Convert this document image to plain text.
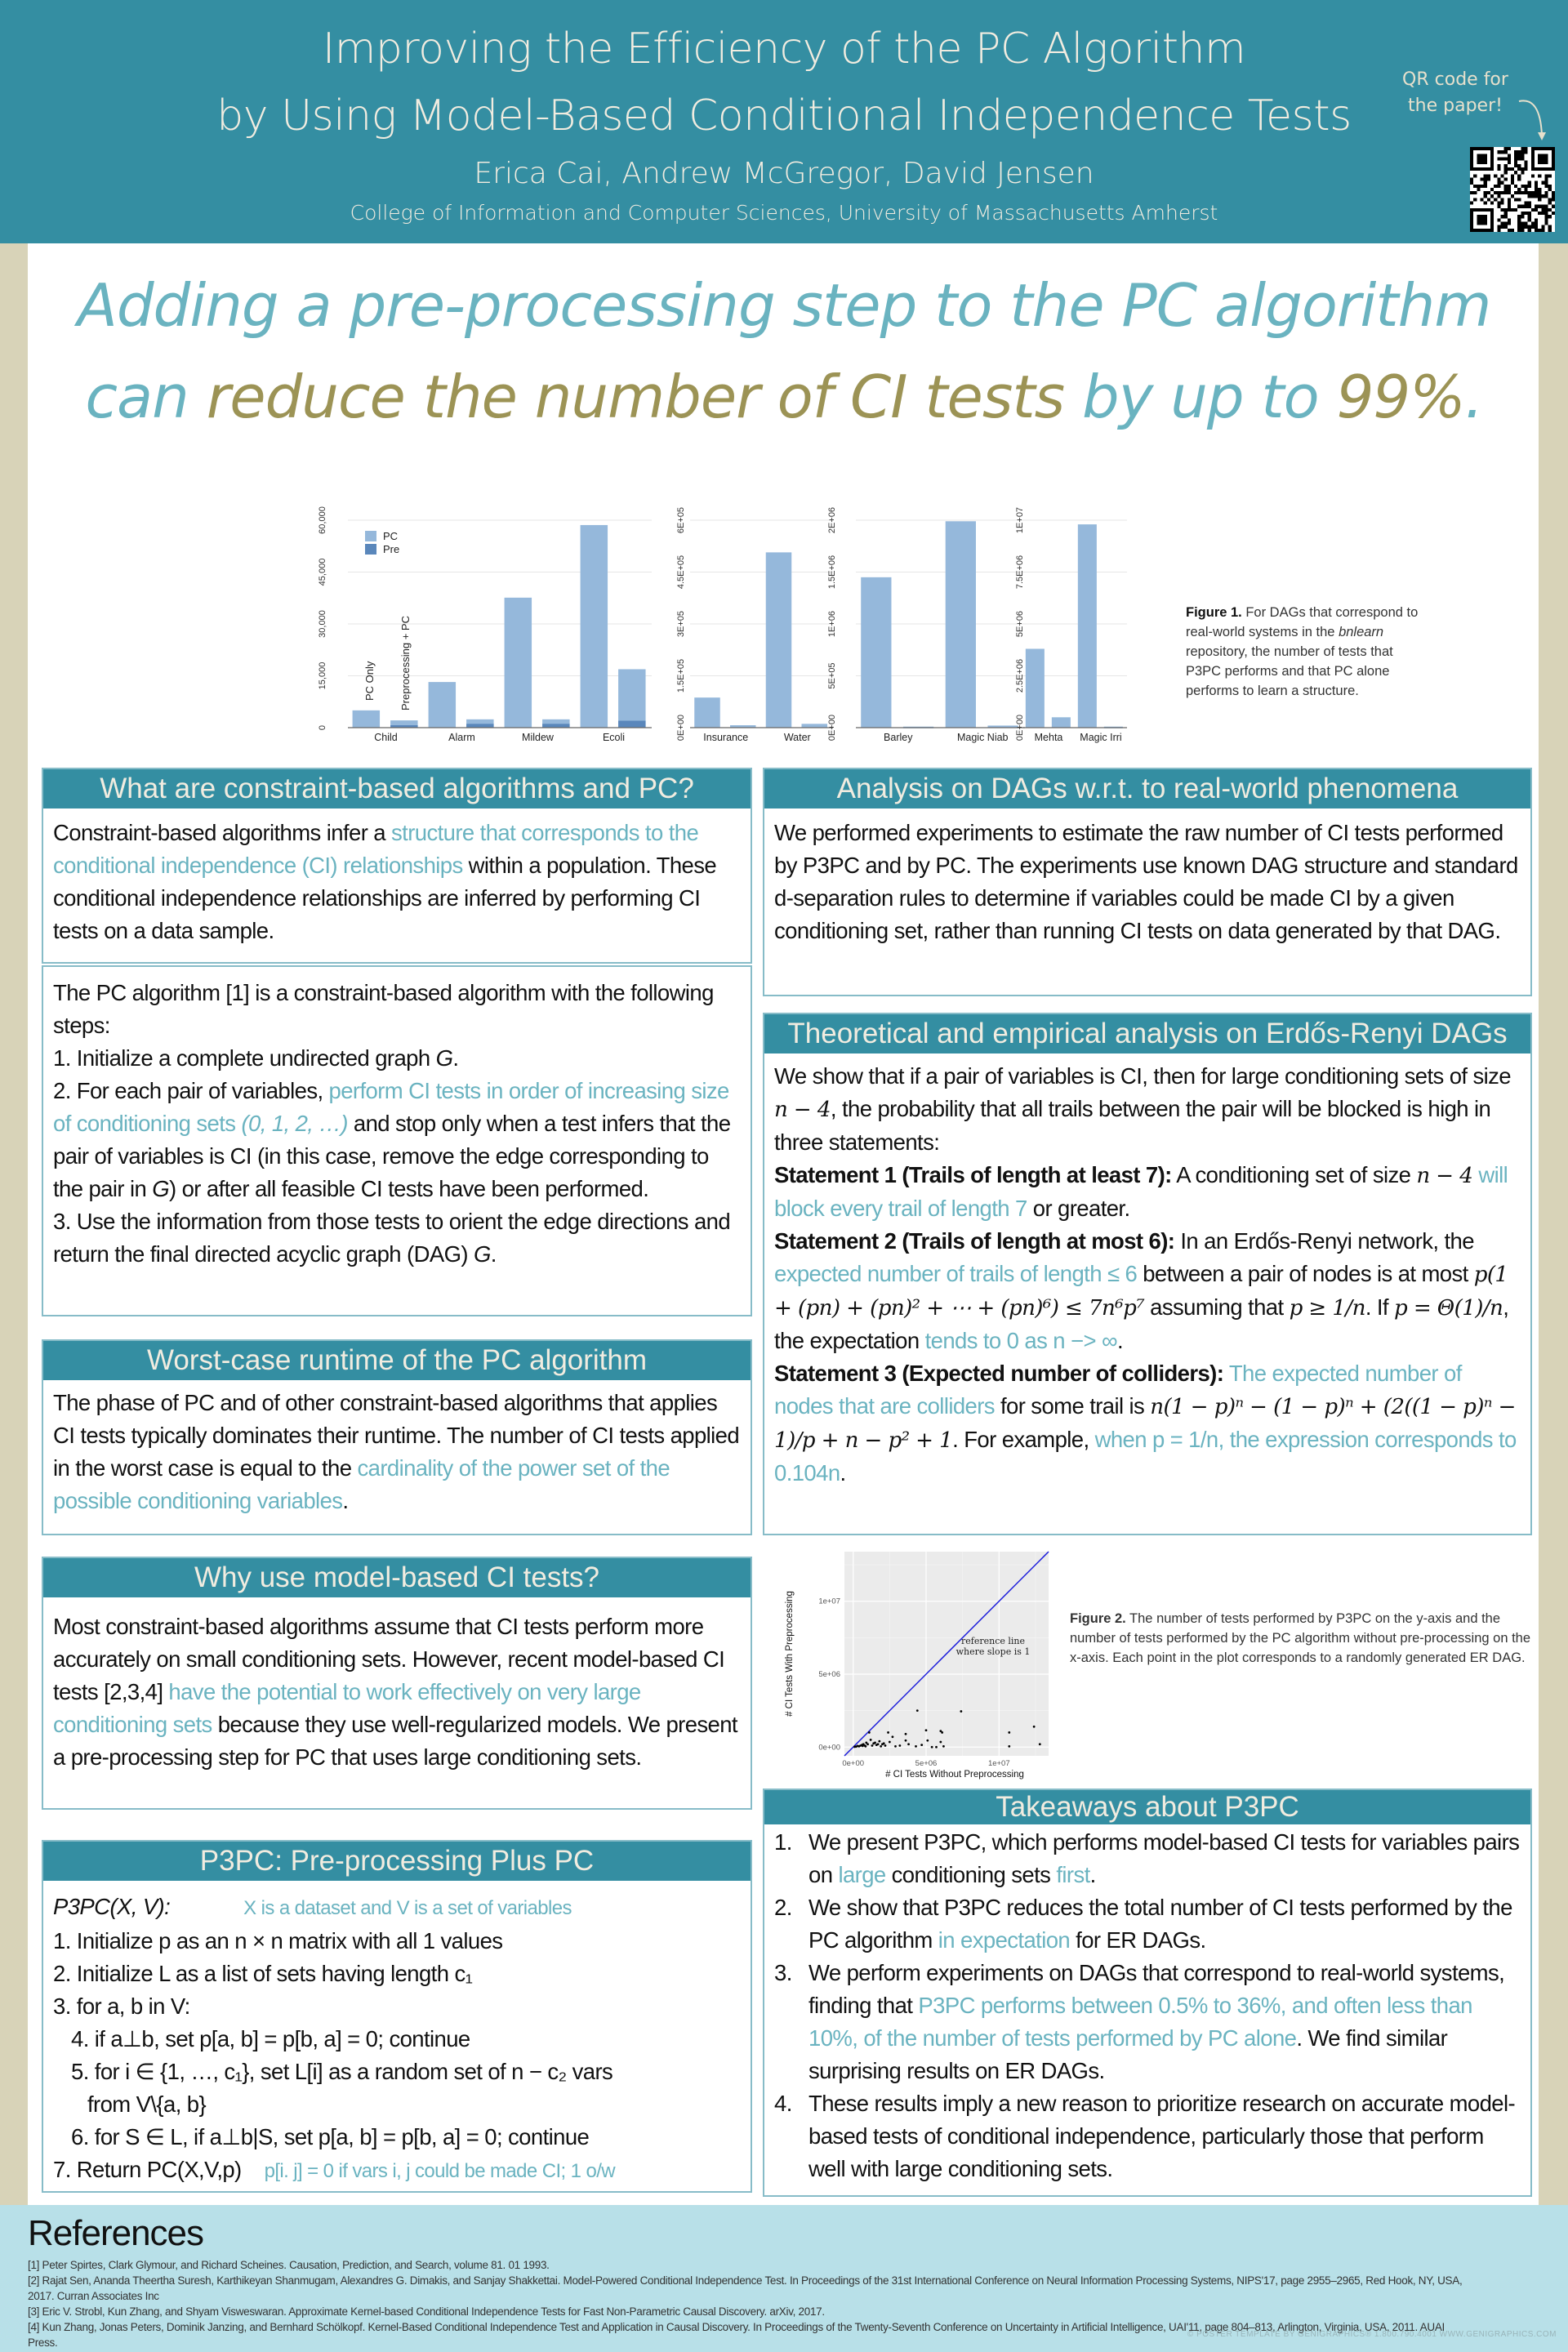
Improving the Efficiency of the PC Algorithm
by Using Model-Based Conditional Independence Tests
Erica Cai, Andrew McGregor, David Jensen
College of Information and Computer Sciences, University of Massachusetts Amherst
QR code for
the paper!
Adding a pre-processing step to the PC algorithm
can reduce the number of CI tests by up to 99%.
0
15,000
30,000
45,000
60,000
Child	Alarm	Mildew	Ecoli
PC
Pre
PC Only Preprocessing + PC
0E+00
1.5E+05
3E+05
4.5E+05
6E+05
Insurance	Water 0E+00
5E+05
1E+06
1.5E+06
2E+06
Barley	Magic Niab 0E+00
2.5E+06
5E+06
7.5E+06
1E+07
Mehta Magic Irri
Figure 1. For DAGs that correspond to real-world systems in the bnlearn repository, the number of tests that P3PC performs and that PC alone performs to learn a structure.
What are constraint-based algorithms and PC?
Constraint-based algorithms infer a structure that corresponds to the conditional independence (CI) relationships within a population. These conditional independence relationships are inferred by performing CI tests on a data sample.
The PC algorithm [1] is a constraint-based algorithm with the following steps:
1. Initialize a complete undirected graph G.
2. For each pair of variables, perform CI tests in order of increasing size of conditioning sets (0, 1, 2, …) and stop only when a test infers that the pair of variables is CI (in this case, remove the edge corresponding to the pair in G) or after all feasible CI tests have been performed.
3. Use the information from those tests to orient the edge directions and return the final directed acyclic graph (DAG) G.
Worst-case runtime of the PC algorithm
The phase of PC and of other constraint-based algorithms that applies CI tests typically dominates their runtime. The number of CI tests applied in the worst case is equal to the cardinality of the power set of the possible conditioning variables.
Why use model-based CI tests?
Most constraint-based algorithms assume that CI tests perform more accurately on small conditioning sets. However, recent model-based CI tests [2,3,4] have the potential to work effectively on very large conditioning sets because they use well-regularized models. We present a pre-processing step for PC that uses large conditioning sets.
P3PC: Pre-processing Plus PC
P3PC(X, V):	X is a dataset and V is a set of variables
1. Initialize p as an n × n matrix with all 1 values
2. Initialize L as a list of sets having length c₁
3. for a, b in V:
4. if a⊥b, set p[a, b] = p[b, a] = 0; continue
5. for i ∈ {1, …, c₁}, set L[i] as a random set of n − c₂ vars
from V\{a, b}
6. for S ∈ L, if a⊥b|S, set p[a, b] = p[b, a] = 0; continue
7. Return PC(X,V,p) p[i. j] = 0 if vars i, j could be made CI; 1 o/w
Analysis on DAGs w.r.t. to real-world phenomena
We performed experiments to estimate the raw number of CI tests performed by P3PC and by PC. The experiments use known DAG structure and standard d-separation rules to determine if variables could be made CI by a given conditioning set, rather than running CI tests on data generated by that DAG.
Theoretical and empirical analysis on Erdős-Renyi DAGs
We show that if a pair of variables is CI, then for large conditioning sets of size n − 4, the probability that all trails between the pair will be blocked is high in three statements:
Statement 1 (Trails of length at least 7): A conditioning set of size n − 4 will block every trail of length 7 or greater.
Statement 2 (Trails of length at most 6): In an Erdős-Renyi network, the expected number of trails of length ≤ 6 between a pair of nodes is at most p(1 + (pn) + (pn)² + ⋯ + (pn)⁶) ≤ 7n⁶p⁷ assuming that p ≥ 1/n. If p = Θ(1)/n, the expectation tends to 0 as n −> ∞.
Statement 3 (Expected number of colliders): The expected number of nodes that are colliders for some trail is n(1 − p)ⁿ − (1 − p)ⁿ + (2((1 − p)ⁿ − 1)/p + n − p² + 1. For example, when p = 1/n, the expression corresponds to 0.104n.
0e+00
0e+00
5e+06
5e+06
1e+07
1e+07
reference line
where slope is 1
# CI Tests Without Preprocessing
# CI Tests With Preprocessing	Figure 2. The number of tests performed by P3PC on the y-axis and the number of tests performed by the PC algorithm without pre-processing on the x-axis. Each point in the plot corresponds to a randomly generated ER DAG.
Takeaways about P3PC
1. We present P3PC, which performs model-based CI tests for variables pairs on large conditioning sets first.
2. We show that P3PC reduces the total number of CI tests performed by the PC algorithm in expectation for ER DAGs.
3. We perform experiments on DAGs that correspond to real-world systems, finding that P3PC performs between 0.5% to 36%, and often less than 10%, of the number of tests performed by PC alone. We find similar surprising results on ER DAGs.
4. These results imply a new reason to prioritize research on accurate model-based tests of conditional independence, particularly those that perform well with large conditioning sets.
References
[1] Peter Spirtes, Clark Glymour, and Richard Scheines. Causation, Prediction, and Search, volume 81. 01 1993.
[2] Rajat Sen, Ananda Theertha Suresh, Karthikeyan Shanmugam, Alexandres G. Dimakis, and Sanjay Shakkettai. Model-Powered Conditional Independence Test. In Proceedings of the 31st International Conference on Neural Information Processing Systems, NIPS'17, page 2955–2965, Red Hook, NY, USA,
2017. Curran Associates Inc
[3] Eric V. Strobl, Kun Zhang, and Shyam Visweswaran. Approximate Kernel-based Conditional Independence Tests for Fast Non-Parametric Causal Discovery. arXiv, 2017.
[4] Kun Zhang, Jonas Peters, Dominik Janzing, and Bernhard Schölkopf. Kernel-Based Conditional Independence Test and Application in Causal Discovery. In Proceedings of the Twenty-Seventh Conference on Uncertainty in Artificial Intelligence, UAI'11, page 804–813, Arlington, Virginia, USA, 2011. AUAI
Press.
© POSTER TEMPLATE BY GENIGRAPHICS® 1.800.790.4001 WWW.GENIGRAPHICS.COM
